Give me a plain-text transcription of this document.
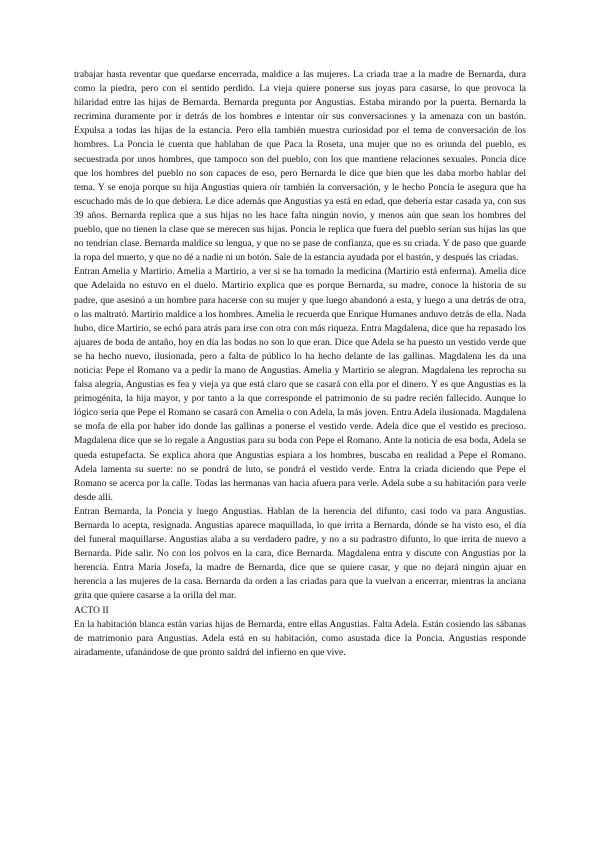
trabajar hasta reventar que quedarse encerrada, maldice a las mujeres. La criada trae a la madre de Bernarda, dura como la piedra, pero con el sentido perdido. La vieja quiere ponerse sus joyas para casarse, lo que provoca la hilaridad entre las hijas de Bernarda. Bernarda pregunta por Angustias. Estaba mirando por la puerta. Bernarda la recrimina duramente por ir detrás de los hombres e intentar oír sus conversaciones y la amenaza con un bastón. Expulsa a todas las hijas de la estancia. Pero ella también muestra curiosidad por el tema de conversación de los hombres. La Poncia le cuenta que hablaban de que Paca la Roseta, una mujer que no es oriunda del pueblo, es secuestrada por unos hombres, que tampoco son del pueblo, con los que mantiene relaciones sexuales. Poncia dice que los hombres del pueblo no son capaces de eso, pero Bernarda le dice que bien que les daba morbo hablar del tema. Y se enoja porque su hija Angustias quiera oír también la conversación, y le hecho Poncia le asegura que ha escuchado más de lo que debiera. Le dice además que Angustias ya está en edad, que debería estar casada ya, con sus 39 años. Bernarda replica que a sus hijas no les hace falta ningún novio, y menos aún que sean los hombres del pueblo, que no tienen la clase que se merecen sus hijas. Poncia le replica que fuera del pueblo serían sus hijas las que no tendrían clase. Bernarda maldice su lengua, y que no se pase de confianza, que es su criada. Y de paso que guarde la ropa del muerto, y que no dé a nadie ni un botón. Sale de la estancia ayudada por el bastón, y después las criadas.

Entran Amelia y Martirio. Amelia a Martirio, a ver si se ha tomado la medicina (Martirio está enferma). Amelia dice que Adelaida no estuvo en el duelo. Martirio explica que es porque Bernarda, su madre, conoce la historia de su padre, que asesinó a un hombre para hacerse con su mujer y que luego abandonó a esta, y luego a una detrás de otra, o las maltrató. Martirio maldice a los hombres. Amelia le recuerda que Enrique Humanes anduvo detrás de ella. Nada hubo, dice Martirio, se echó para atrás para irse con otra con más riqueza. Entra Magdalena, dice que ha repasado los ajuares de boda de antaño, hoy en día las bodas no son lo que eran. Dice que Adela se ha puesto un vestido verde que se ha hecho nuevo, ilusionada, pero a falta de público lo ha hecho delante de las gallinas. Magdalena les da una noticia: Pepe el Romano va a pedir la mano de Angustias. Amelia y Martirio se alegran. Magdalena les reprocha su falsa alegría, Angustias es fea y vieja ya que está claro que se casará con ella por el dinero. Y es que Angustias es la primogénita, la hija mayor, y por tanto a la que corresponde el patrimonio de su padre recién fallecido. Aunque lo lógico sería que Pepe el Romano se casará con Amelia o con Adela, la más joven. Entra Adela ilusionada. Magdalena se mofa de ella por haber ido donde las gallinas a ponerse el vestido verde. Adela dice que el vestido es precioso. Magdalena dice que se lo regale a Angustias para su boda con Pepe el Romano. Ante la noticia de esa boda, Adela se queda estupefacta. Se explica ahora que Angustias espiara a los hombres, buscaba en realidad a Pepe el Romano. Adela lamenta su suerte: no se pondrá de luto, se pondrá el vestido verde. Entra la criada diciendo que Pepe el Romano se acerca por la calle. Todas las hermanas van hacia afuera para verle. Adela sube a su habitación para verle desde allí.

Entran Bernarda, la Poncia y luego Angustias. Hablan de la herencia del difunto, casi todo va para Angustias. Bernarda lo acepta, resignada. Angustias aparece maquillada, lo que irrita a Bernarda, dónde se ha visto eso, el día del funeral maquillarse. Angustias alaba a su verdadero padre, y no a su padrastro difunto, lo que irrita de nuevo a Bernarda. Pide salir. No con los polvos en la cara, dice Bernarda. Magdalena entra y discute con Angustias por la herencia. Entra María Josefa, la madre de Bernarda, dice que se quiere casar, y que no dejará ningún ajuar en herencia a las mujeres de la casa. Bernarda da orden a las criadas para que la vuelvan a encerrar, mientras la anciana grita que quiere casarse a la orilla del mar.

ACTO II

En la habitación blanca están varias hijas de Bernarda, entre ellas Angustias. Falta Adela. Están cosiendo las sábanas de matrimonio para Angustias. Adela está en su habitación, como asustada dice la Poncia. Angustias responde airadamente, ufanándose de que pronto saldrá del infierno en que vive.
